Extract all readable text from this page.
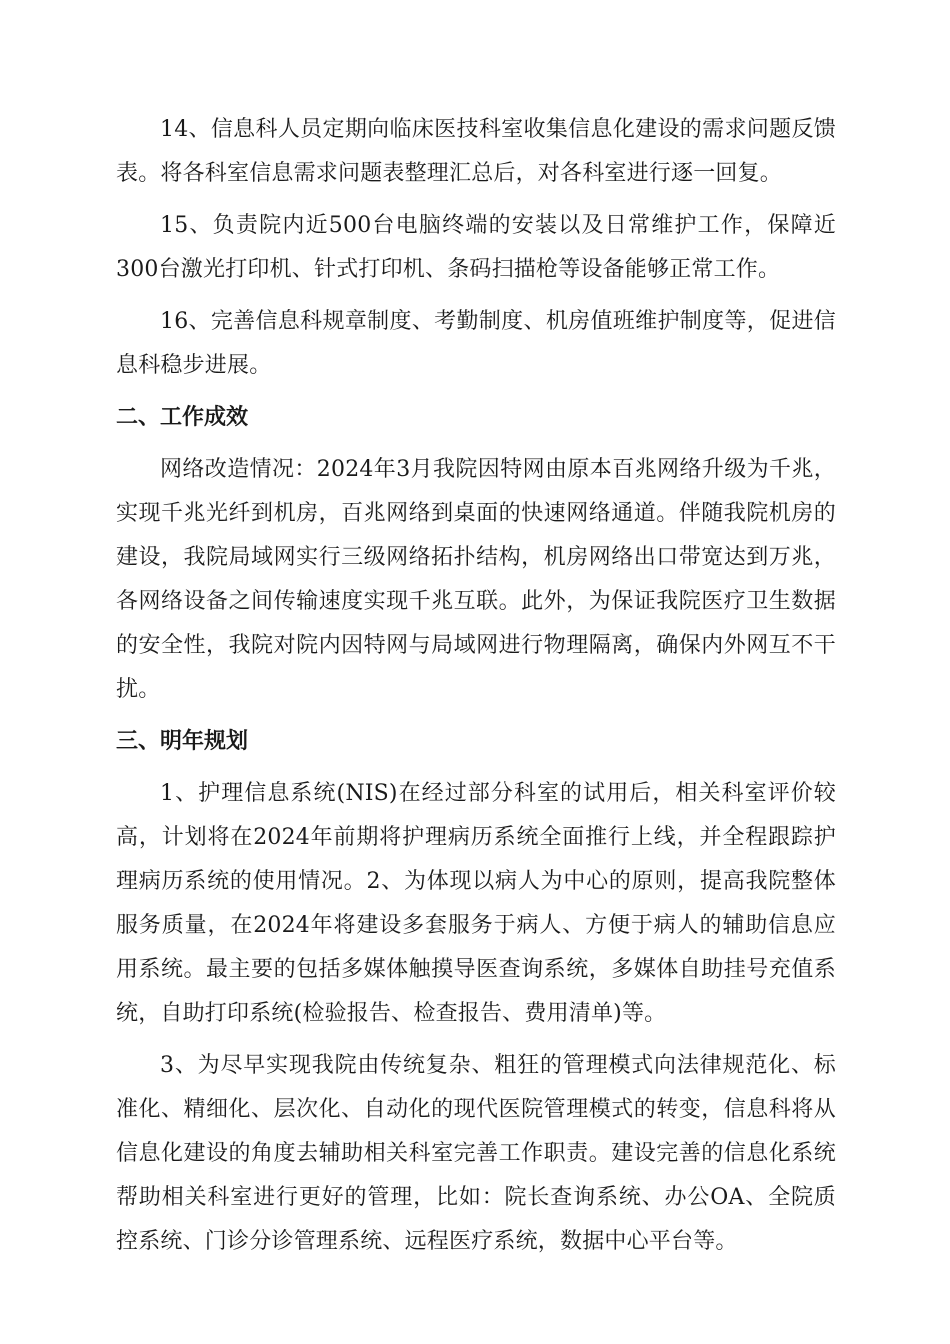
14、信息科人员定期向临床医技科室收集信息化建设的需求问题反馈表。将各科室信息需求问题表整理汇总后，对各科室进行逐一回复。

15、负责院内近500台电脑终端的安装以及日常维护工作，保障近300台激光打印机、针式打印机、条码扫描枪等设备能够正常工作。

16、完善信息科规章制度、考勤制度、机房值班维护制度等，促进信息科稳步进展。

二、工作成效

网络改造情况：2024年3月我院因特网由原本百兆网络升级为千兆，实现千兆光纤到机房，百兆网络到桌面的快速网络通道。伴随我院机房的建设，我院局域网实行三级网络拓扑结构，机房网络出口带宽达到万兆，各网络设备之间传输速度实现千兆互联。此外，为保证我院医疗卫生数据的安全性，我院对院内因特网与局域网进行物理隔离，确保内外网互不干扰。

三、明年规划

1、护理信息系统(NIS)在经过部分科室的试用后，相关科室评价较高，计划将在2024年前期将护理病历系统全面推行上线，并全程跟踪护理病历系统的使用情况。2、为体现以病人为中心的原则，提高我院整体服务质量，在2024年将建设多套服务于病人、方便于病人的辅助信息应用系统。最主要的包括多媒体触摸导医查询系统，多媒体自助挂号充值系统，自助打印系统(检验报告、检查报告、费用清单)等。

3、为尽早实现我院由传统复杂、粗狂的管理模式向法律规范化、标准化、精细化、层次化、自动化的现代医院管理模式的转变，信息科将从信息化建设的角度去辅助相关科室完善工作职责。建设完善的信息化系统帮助相关科室进行更好的管理，比如：院长查询系统、办公OA、全院质控系统、门诊分诊管理系统、远程医疗系统，数据中心平台等。
